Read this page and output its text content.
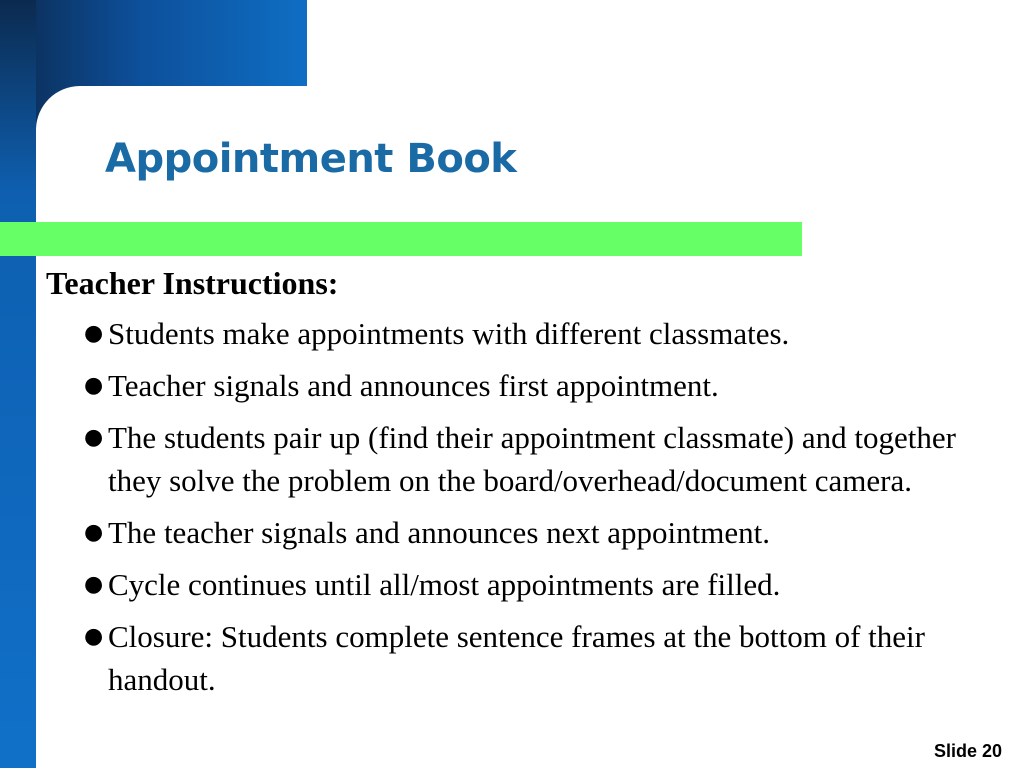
Appointment Book

Teacher Instructions:

● Students make appointments with different classmates.
● Teacher signals and announces first appointment.
● The students pair up (find their appointment classmate) and together they solve the problem on the board/overhead/document camera.
● The teacher signals and announces next appointment.
● Cycle continues until all/most appointments are filled.
● Closure: Students complete sentence frames at the bottom of their handout.
Slide 20
